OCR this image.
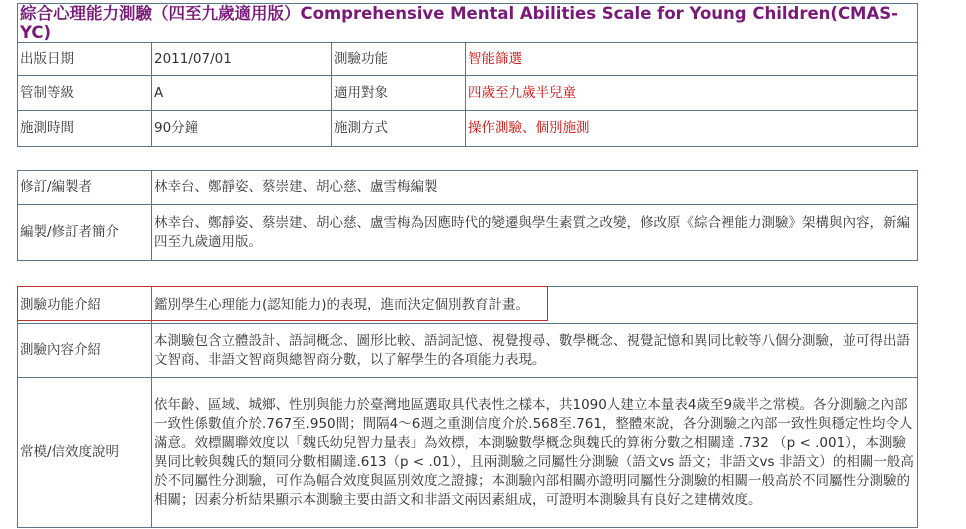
綜合心理能力測驗（四至九歲適用版）Comprehensive Mental Abilities Scale for Young Children(CMAS-YC)			
出版日期	2011/07/01	測驗功能	智能篩選
管制等級	A	適用對象	四歲至九歲半兒童
施測時間	90分鐘	施測方式	操作測驗、個別施測
修訂/編製者	林幸台、鄭靜姿、蔡崇建、胡心慈、盧雪梅編製
編製/修訂者簡介	林幸台、鄭靜姿、蔡崇建、胡心慈、盧雪梅為因應時代的變遷與學生素質之改變，修改原《綜合裡能力測驗》架構與內容，新編四至九歲適用版。
測驗功能介紹	鑑別學生心理能力(認知能力)的表現，進而決定個別教育計畫。
測驗內容介紹	本測驗包含立體設計、語詞概念、圖形比較、語詞記憶、視覺搜尋、數學概念、視覺記憶和異同比較等八個分測驗，並可得出語文智商、非語文智商與總智商分數，以了解學生的各項能力表現。
常模/信效度說明	依年齡、區域、城鄉、性別與能力於臺灣地區選取具代表性之樣本，共1090人建立本量表4歲至9歲半之常模。各分測驗之內部一致性係數值介於.767至.950間；間隔4～6週之重測信度介於.568至.761，整體來說，各分測驗之內部一致性與穩定性均令人滿意。效標關聯效度以「魏氏幼兒智力量表」為效標，本測驗數學概念與魏氏的算術分數之相關達 .732 （p < .001），本測驗異同比較與魏氏的類同分數相關達.613（p < .01），且兩測驗之同屬性分測驗（語文vs 語文；非語文vs 非語文）的相關一般高於不同屬性分測驗，可作為幅合效度與區別效度之證據；本測驗內部相關亦證明同屬性分測驗的相關一般高於不同屬性分測驗的相關；因素分析結果顯示本測驗主要由語文和非語文兩因素組成，可證明本測驗具有良好之建構效度。
